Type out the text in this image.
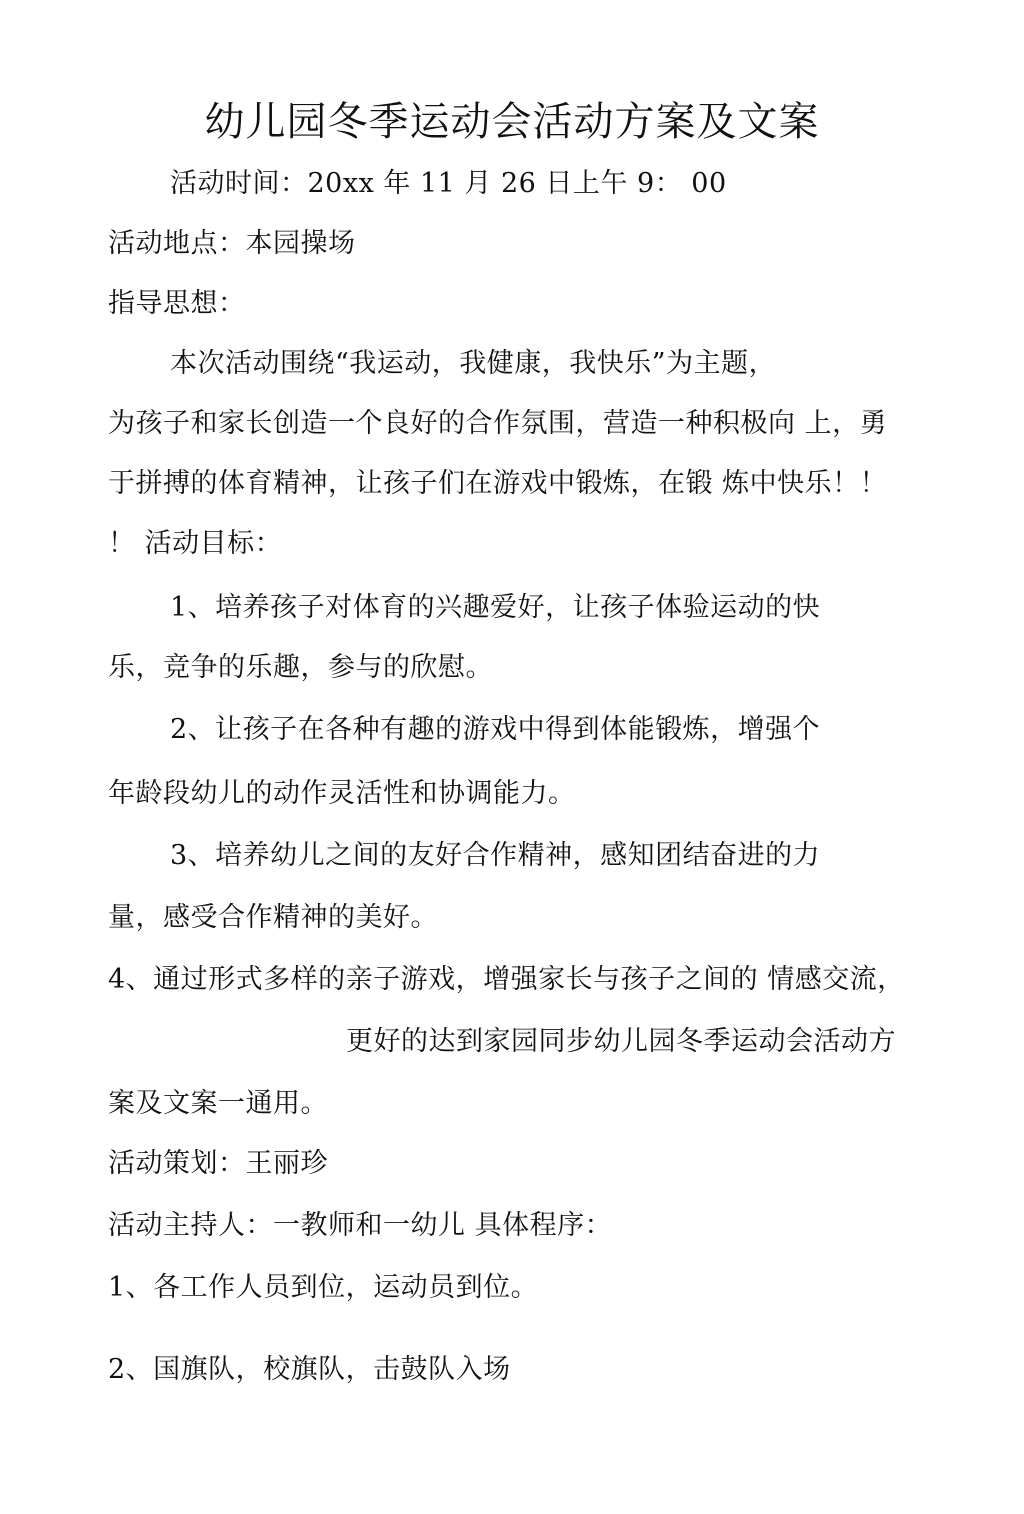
幼儿园冬季运动会活动方案及文案
活动时间：20xx 年 11 月 26 日上午 9： 00
活动地点：本园操场
指导思想：
本次活动围绕“我运动，我健康，我快乐”为主题，
为孩子和家长创造一个良好的合作氛围，营造一种积极向 上，勇
于拼搏的体育精神，让孩子们在游戏中锻炼，在锻 炼中快乐！！
！ 活动目标：
1、培养孩子对体育的兴趣爱好，让孩子体验运动的快
乐，竞争的乐趣，参与的欣慰。
2、让孩子在各种有趣的游戏中得到体能锻炼，增强个
年龄段幼儿的动作灵活性和协调能力。
3、培养幼儿之间的友好合作精神，感知团结奋进的力
量，感受合作精神的美好。
4、通过形式多样的亲子游戏，增强家长与孩子之间的 情感交流，
更好的达到家园同步幼儿园冬季运动会活动方
案及文案一通用。
活动策划：王丽珍
活动主持人：一教师和一幼儿 具体程序：
1、各工作人员到位，运动员到位。
2、国旗队，校旗队，击鼓队入场
